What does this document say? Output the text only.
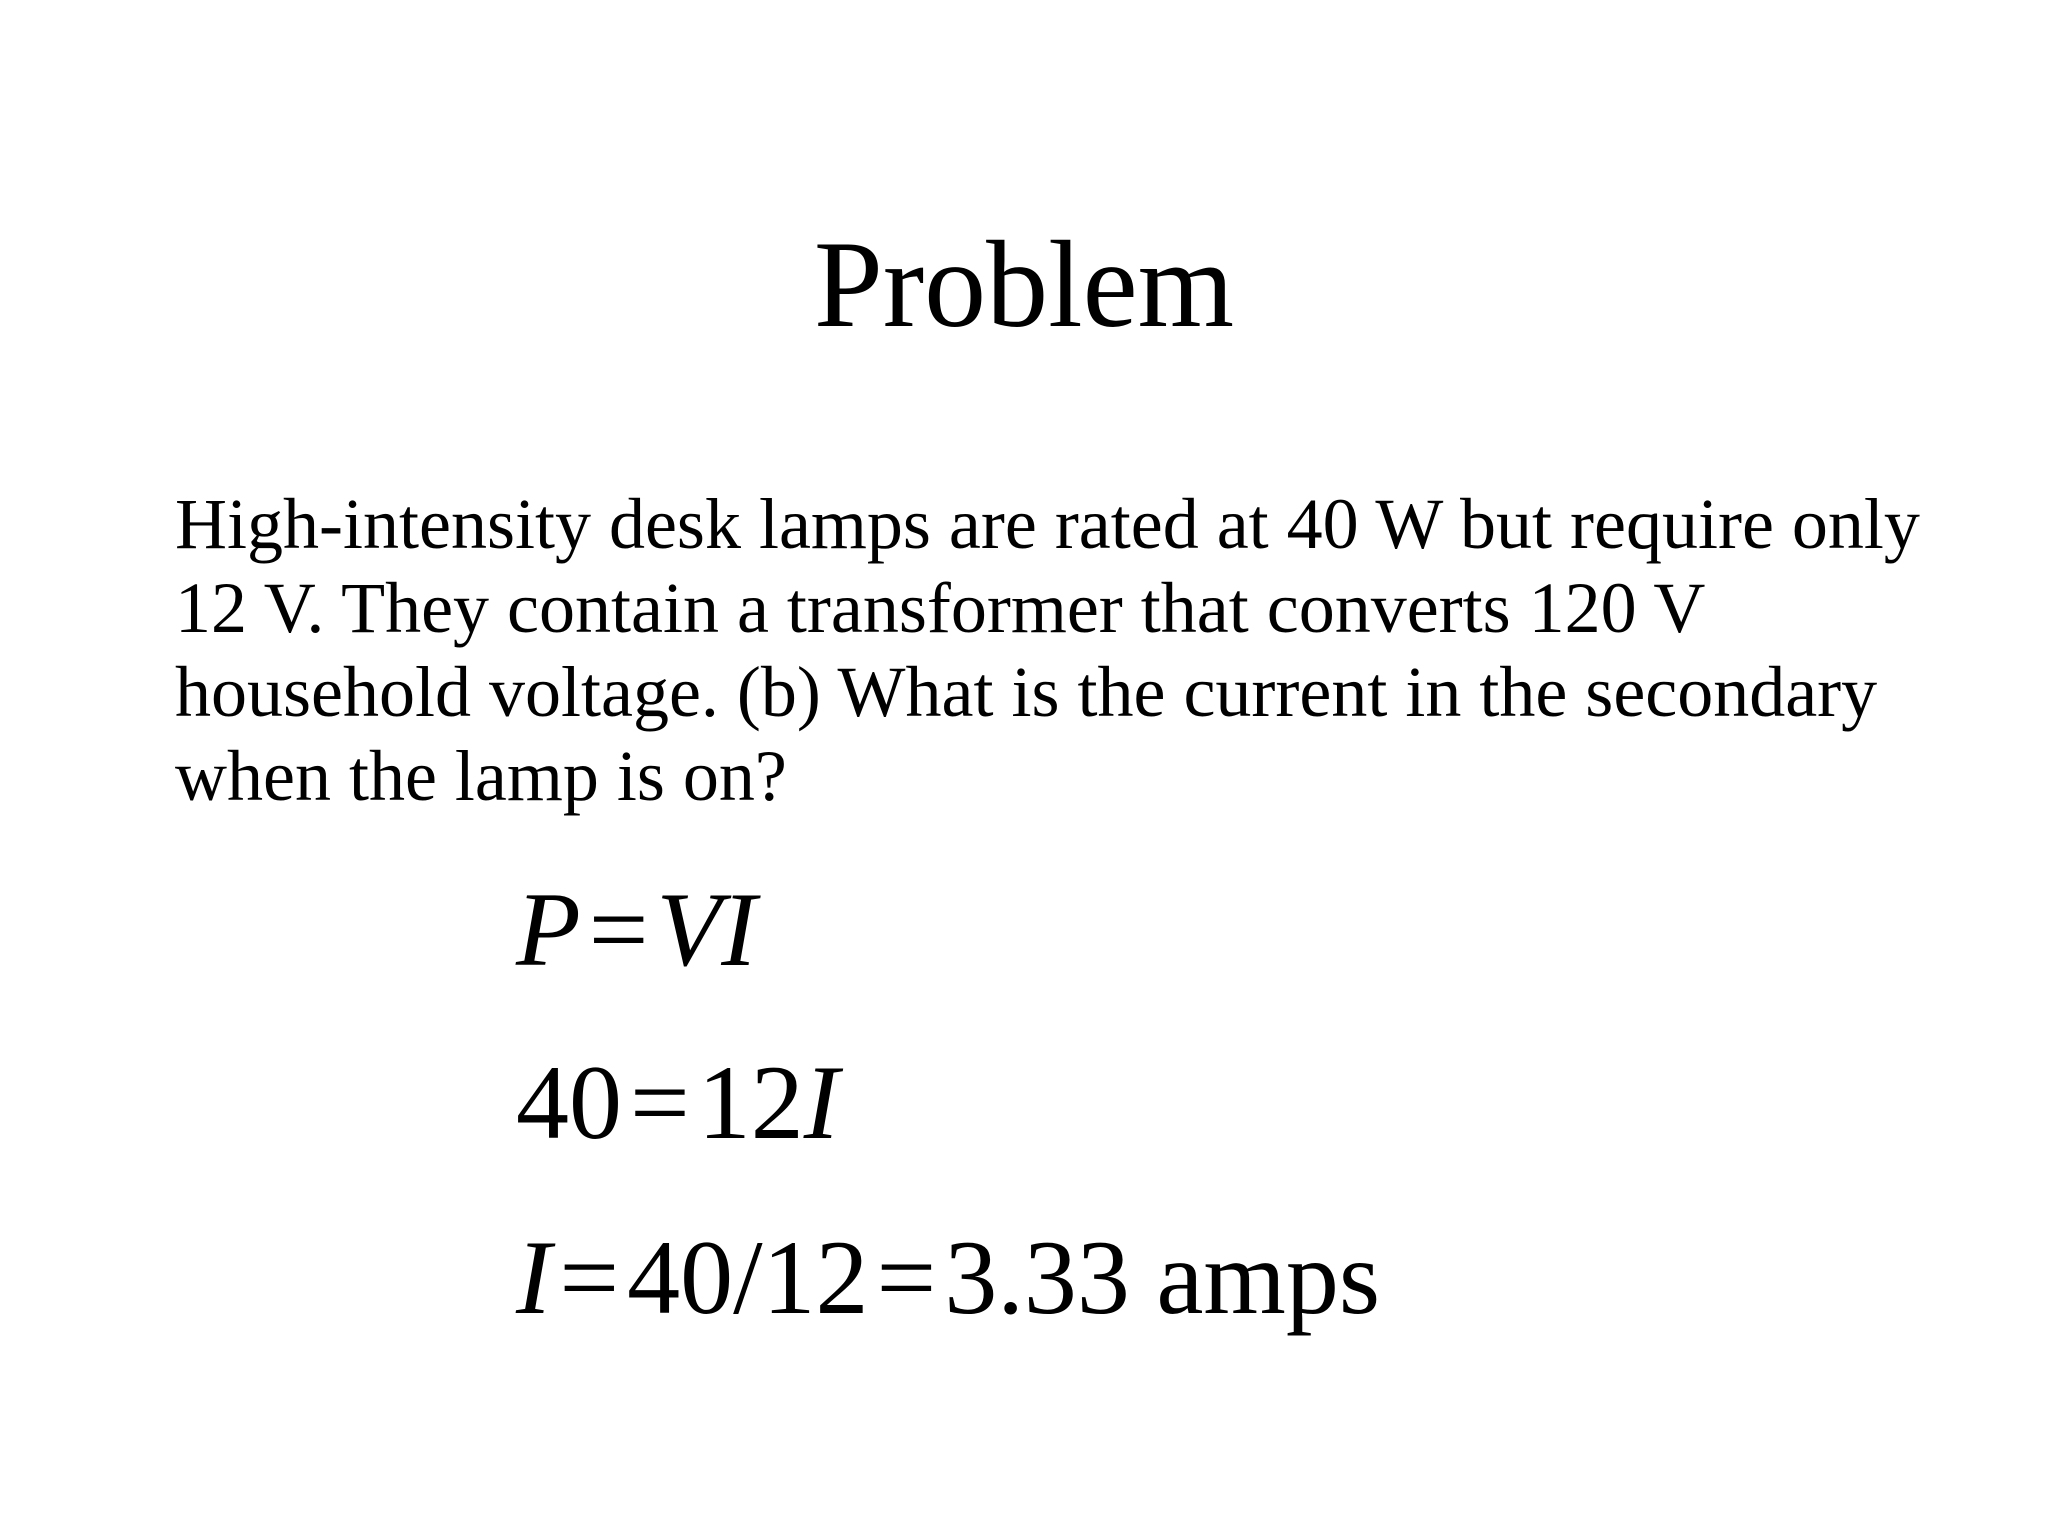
Problem
High-intensity desk lamps are rated at 40 W but require only
12 V. They contain a transformer that converts 120 V
household voltage. (b) What is the current in the secondary
when the lamp is on?
P=VI
40=12I
I=40/12=3.33 amps
